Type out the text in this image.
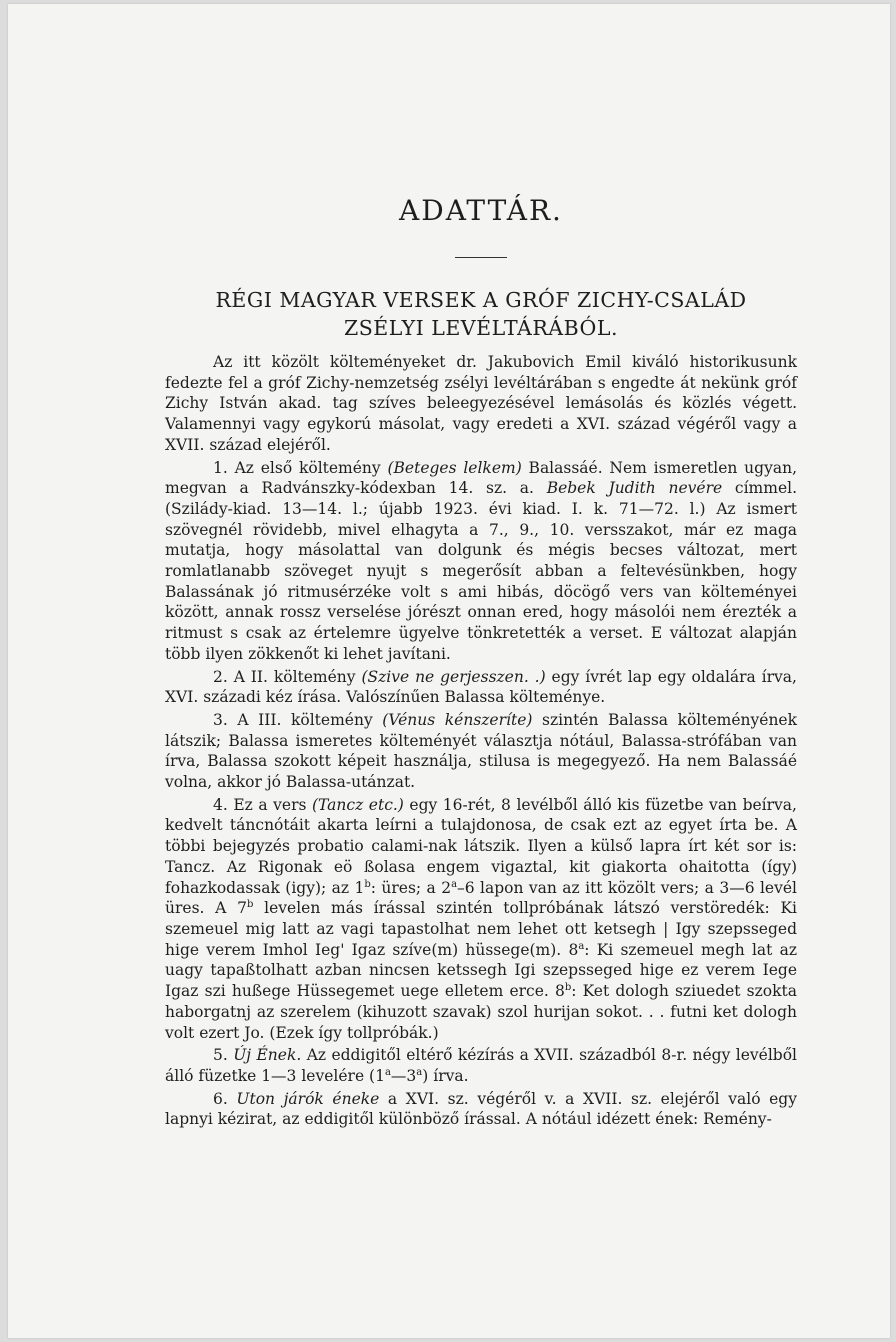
ADATTÁR.
RÉGI MAGYAR VERSEK A GRÓF ZICHY-CSALÁD
ZSÉLYI LEVÉLTÁRÁBÓL.

Az itt közölt költeményeket dr. Jakubovich Emil kiváló historikusunk fedezte fel a gróf Zichy-nemzetség zsélyi levéltárában s engedte át nekünk gróf Zichy István akad. tag szíves beleegyezésével lemásolás és közlés végett. Valamennyi vagy egykorú másolat, vagy eredeti a XVI. század végéről vagy a XVII. század elejéről.

1. Az első költemény (Beteges lelkem) Balassáé. Nem ismeretlen ugyan, megvan a Radvánszky-kódexban 14. sz. a. Bebek Judith nevére címmel. (Szilády-kiad. 13—14. l.; újabb 1923. évi kiad. I. k. 71—72. l.) Az ismert szövegnél rövidebb, mivel elhagyta a 7., 9., 10. versszakot, már ez maga mutatja, hogy másolattal van dolgunk és mégis becses változat, mert romlatlanabb szöveget nyujt s megerősít abban a feltevésünkben, hogy Balassának jó ritmusérzéke volt s ami hibás, döcögő vers van költeményei között, annak rossz verselése jórészt onnan ered, hogy másolói nem érezték a ritmust s csak az értelemre ügyelve tönkretették a verset. E változat alapján több ilyen zökkenőt ki lehet javítani.

2. A II. költemény (Szive ne gerjesszen. .) egy ívrét lap egy oldalára írva, XVI. századi kéz írása. Valószínűen Balassa költeménye.

3. A III. költemény (Vénus kénszeríte) szintén Balassa költeményének látszik; Balassa ismeretes költeményét választja nótául, Balassa-strófában van írva, Balassa szokott képeit használja, stilusa is megegyező. Ha nem Balassáé volna, akkor jó Balassa-utánzat.

4. Ez a vers (Tancz etc.) egy 16-rét, 8 levélből álló kis füzetbe van beírva, kedvelt táncnótáit akarta leírni a tulajdonosa, de csak ezt az egyet írta be. A többi bejegyzés probatio calami-nak látszik. Ilyen a külső lapra írt két sor is: Tancz. Az Rigonak eö ßolasa engem vigaztal, kit giakorta ohaitotta (így) fohazkodassak (igy); az 1$^b$: üres; a 2$^a$–6 lapon van az itt közölt vers; a 3—6 levél üres. A 7$^b$ levelen más írással szintén tollpróbának látszó verstöredék: Ki szemeuel mig latt az vagi tapastolhat nem lehet ott ketsegh | Igy szepsseged hige verem Imhol Ieg' Igaz szíve(m) hüssege(m). 8$^a$: Ki szemeuel megh lat az uagy tapaßtolhatt azban nincsen ketssegh Igi szepsseged hige ez verem Iege Igaz szi hußege Hüssegemet uege elletem erce. 8$^b$: Ket dologh sziuedet szokta haborgatnj az szerelem (kihuzott szavak) szol hurijan sokot. . . futni ket dologh volt ezert Jo. (Ezek így tollpróbák.)

5. Új Ének. Az eddigitől eltérő kézírás a XVII. századból 8-r. négy levélből álló füzetke 1—3 levelére (1$^a$—3$^a$) írva.

6. Uton járók éneke a XVI. sz. végéről v. a XVII. sz. elejéről való egy lapnyi kézirat, az eddigitől különböző írással. A nótául idézett ének: Remény-
